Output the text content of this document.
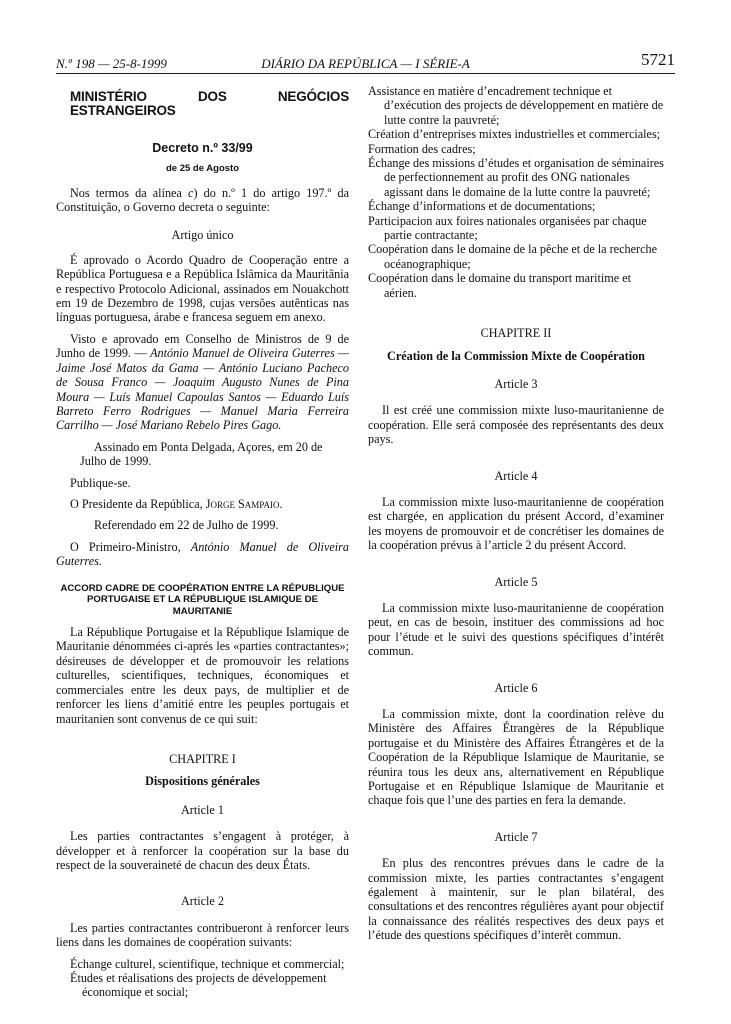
N.º 198 — 25-8-1999	DIÁRIO DA REPÚBLICA — I SÉRIE-A	5721
MINISTÉRIO DOS NEGÓCIOS ESTRANGEIROS
Decreto n.º 33/99
de 25 de Agosto

Nos termos da alínea c) do n.º 1 do artigo 197.º da Constituição, o Governo decreta o seguinte:

Artigo único

É aprovado o Acordo Quadro de Cooperação entre a República Portuguesa e a República Islâmica da Mauritânia e respectivo Protocolo Adicional, assinados em Nouakchott em 19 de Dezembro de 1998, cujas versões autênticas nas línguas portuguesa, árabe e francesa seguem em anexo.

Visto e aprovado em Conselho de Ministros de 9 de Junho de 1999. — António Manuel de Oliveira Guterres — Jaime José Matos da Gama — António Luciano Pacheco de Sousa Franco — Joaquim Augusto Nunes de Pina Moura — Luís Manuel Capoulas Santos — Eduardo Luís Barreto Ferro Rodrigues — Manuel Maria Ferreira Carrilho — José Mariano Rebelo Pires Gago.

Assinado em Ponta Delgada, Açores, em 20 de Julho de 1999.

Publique-se.

O Presidente da República, Jorge Sampaio.

Referendado em 22 de Julho de 1999.

O Primeiro-Ministro, António Manuel de Oliveira Guterres.

ACCORD CADRE DE COOPÉRATION ENTRE LA RÉPUBLIQUE PORTUGAISE ET LA RÉPUBLIQUE ISLAMIQUE DE MAURITANIE

La République Portugaise et la République Islamique de Mauritanie dénommées ci-aprés les «parties contractantes»; désireuses de développer et de promouvoir les relations culturelles, scientifiques, techniques, économiques et commerciales entre les deux pays, de multiplier et de renforcer les liens d’amitié entre les peuples portugais et mauritanien sont convenus de ce qui suit:

CHAPITRE I
Dispositions générales
Article 1

Les parties contractantes s’engagent à protéger, à développer et à renforcer la coopération sur la base du respect de la souveraineté de chacun des deux États.

Article 2

Les parties contractantes contribueront à renforcer leurs liens dans les domaines de coopération suivants:

Échange culturel, scientifique, technique et commercial;

Études et réalisations des projects de développement économique et social;

Assistance en matière d’encadrement technique et d’exécution des projects de développement en matière de lutte contre la pauvreté;

Création d’entreprises mixtes industrielles et commerciales;

Formation des cadres;

Échange des missions d’études et organisation de séminaires de perfectionnement au profit des ONG nationales agissant dans le domaine de la lutte contre la pauvreté;

Échange d’informations et de documentations;

Participacion aux foires nationales organisées par chaque partie contractante;

Coopération dans le domaine de la pêche et de la recherche océanographique;

Coopération dans le domaine du transport maritime et aérien.

CHAPITRE II
Création de la Commission Mixte de Coopération
Article 3

Il est créé une commission mixte luso-mauritanienne de coopération. Elle será composée des représentants des deux pays.

Article 4

La commission mixte luso-mauritanienne de coopération est chargée, en application du présent Accord, d’examiner les moyens de promouvoir et de concrétiser les domaines de la coopération prévus à l’article 2 du présent Accord.

Article 5

La commission mixte luso-mauritanienne de coopération peut, en cas de besoin, instituer des commissions ad hoc pour l’étude et le suivi des questions spécifiques d’intérêt commun.

Article 6

La commission mixte, dont la coordination relève du Ministère des Affaires Étrangères de la République portugaise et du Ministère des Affaires Étrangères et de la Coopération de la République Islamique de Mauritanie, se réunira tous les deux ans, alternativement en République Portugaise et en République Islamique de Mauritanie et chaque fois que l’une des parties en fera la demande.

Article 7

En plus des rencontres prévues dans le cadre de la commission mixte, les parties contractantes s’engagent également à maintenir, sur le plan bilatéral, des consultations et des rencontres régulières ayant pour objectif la connaissance des réalités respectives des deux pays et l’étude des questions spécifiques d’interêt commun.
